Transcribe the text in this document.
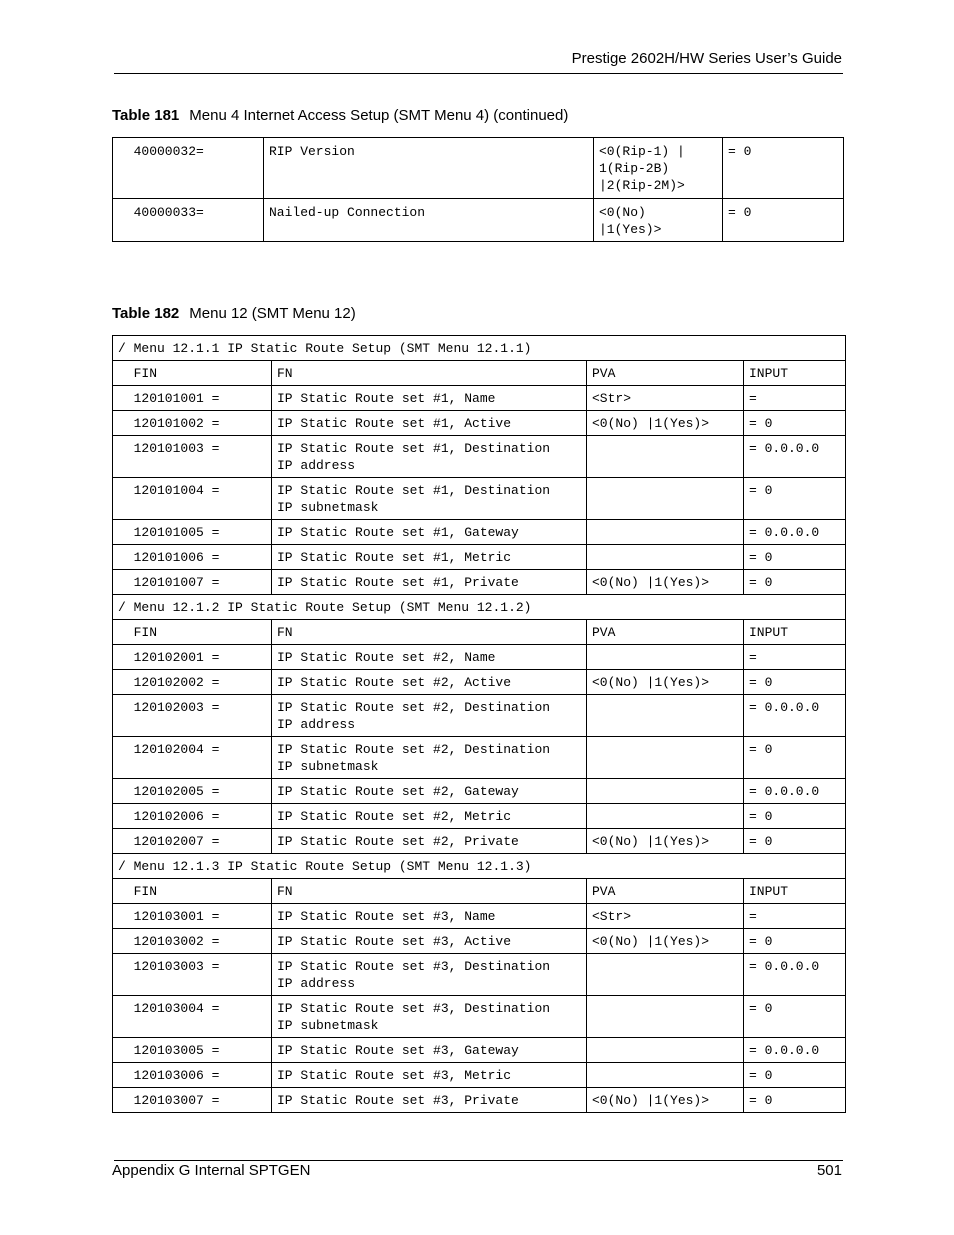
Prestige 2602H/HW Series User’s Guide
Table 181 Menu 4 Internet Access Setup (SMT Menu 4) (continued)
40000032=	RIP Version	<0(Rip-1) |
1(Rip-2B)
|2(Rip-2M)>	= 0
40000033=	Nailed-up Connection	<0(No)
|1(Yes)>	= 0
Table 182 Menu 12 (SMT Menu 12)
/ Menu 12.1.1 IP Static Route Setup (SMT Menu 12.1.1)			
FIN	FN	PVA	INPUT
120101001 =	IP Static Route set #1, Name	<Str>	=
120101002 =	IP Static Route set #1, Active	<0(No) |1(Yes)>	= 0
120101003 =	IP Static Route set #1, Destination
IP address		= 0.0.0.0
120101004 =	IP Static Route set #1, Destination
IP subnetmask		= 0
120101005 =	IP Static Route set #1, Gateway		= 0.0.0.0
120101006 =	IP Static Route set #1, Metric		= 0
120101007 =	IP Static Route set #1, Private	<0(No) |1(Yes)>	= 0
/ Menu 12.1.2 IP Static Route Setup (SMT Menu 12.1.2)			
FIN	FN	PVA	INPUT
120102001 =	IP Static Route set #2, Name		=
120102002 =	IP Static Route set #2, Active	<0(No) |1(Yes)>	= 0
120102003 =	IP Static Route set #2, Destination
IP address		= 0.0.0.0
120102004 =	IP Static Route set #2, Destination
IP subnetmask		= 0
120102005 =	IP Static Route set #2, Gateway		= 0.0.0.0
120102006 =	IP Static Route set #2, Metric		= 0
120102007 =	IP Static Route set #2, Private	<0(No) |1(Yes)>	= 0
/ Menu 12.1.3 IP Static Route Setup (SMT Menu 12.1.3)			
FIN	FN	PVA	INPUT
120103001 =	IP Static Route set #3, Name	<Str>	=
120103002 =	IP Static Route set #3, Active	<0(No) |1(Yes)>	= 0
120103003 =	IP Static Route set #3, Destination
IP address		= 0.0.0.0
120103004 =	IP Static Route set #3, Destination
IP subnetmask		= 0
120103005 =	IP Static Route set #3, Gateway		= 0.0.0.0
120103006 =	IP Static Route set #3, Metric		= 0
120103007 =	IP Static Route set #3, Private	<0(No) |1(Yes)>	= 0
Appendix G Internal SPTGEN	501
